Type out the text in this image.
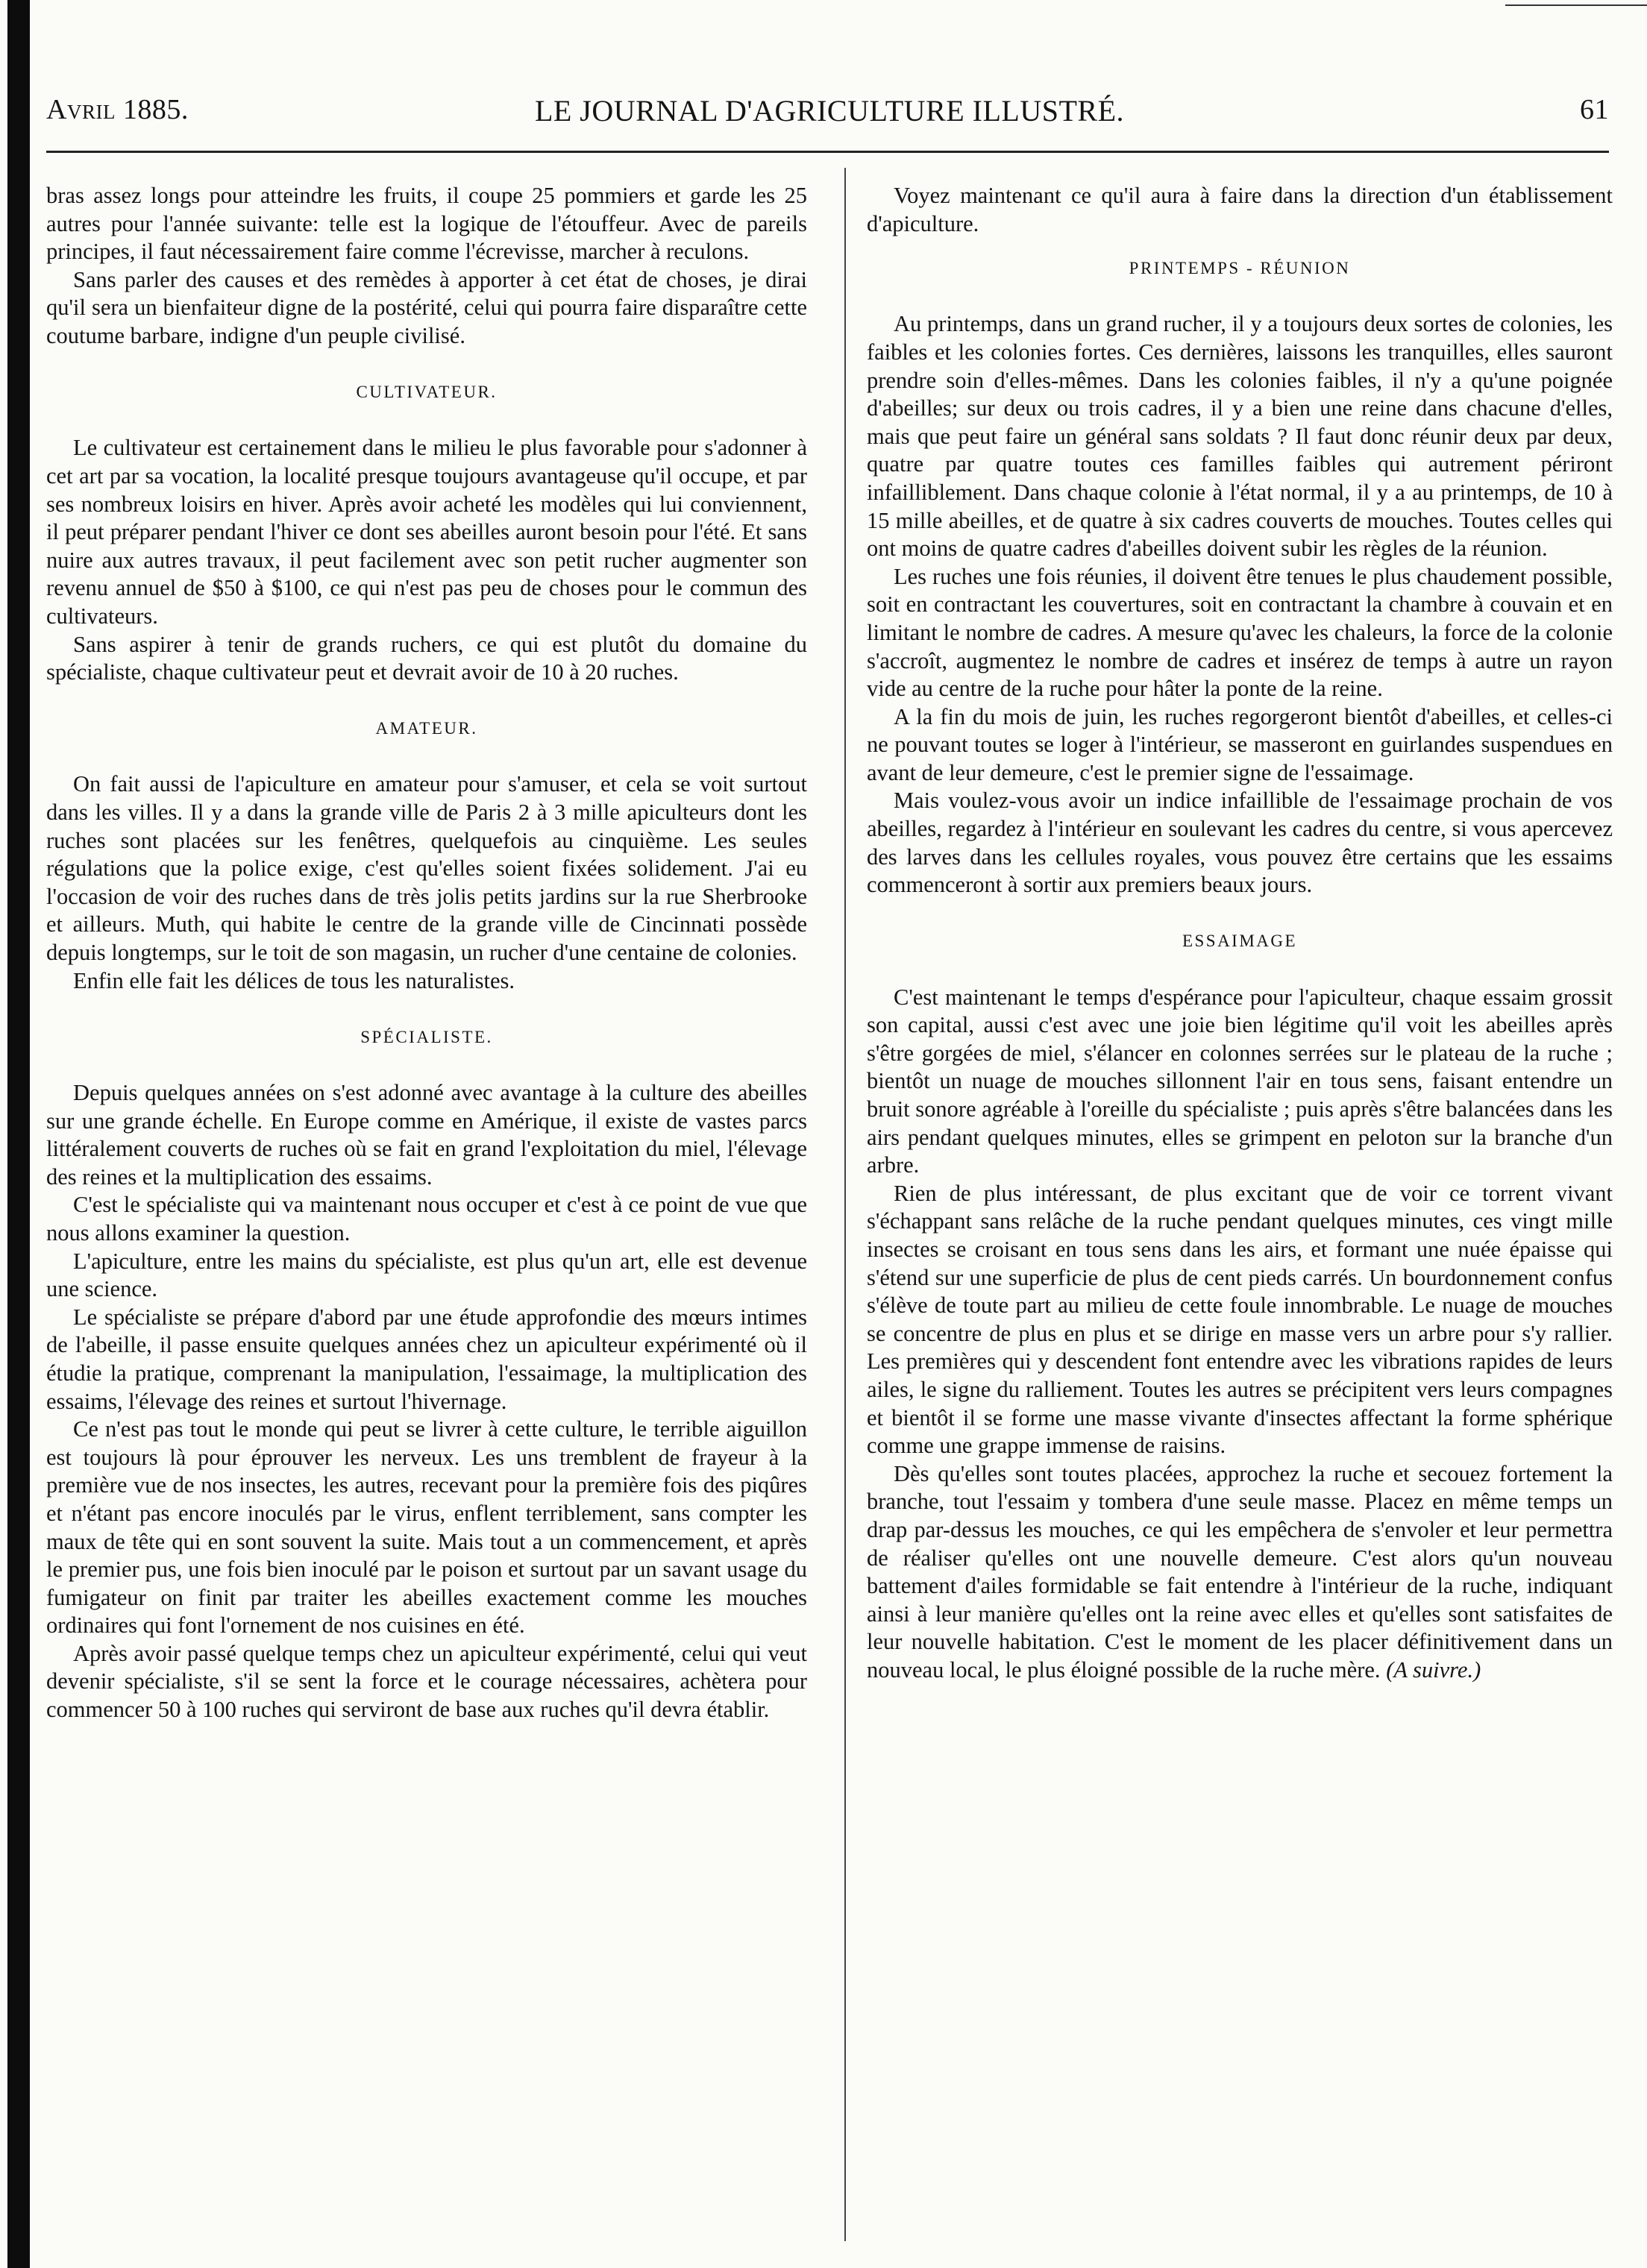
Avril 1885.	LE JOURNAL D'AGRICULTURE ILLUSTRÉ.	61

bras assez longs pour atteindre les fruits, il coupe 25 pommiers et garde les 25 autres pour l'année suivante: telle est la logique de l'étouffeur. Avec de pareils principes, il faut nécessairement faire comme l'écrevisse, marcher à reculons.

Sans parler des causes et des remèdes à apporter à cet état de choses, je dirai qu'il sera un bienfaiteur digne de la postérité, celui qui pourra faire disparaître cette coutume barbare, indigne d'un peuple civilisé.

CULTIVATEUR.

Le cultivateur est certainement dans le milieu le plus favorable pour s'adonner à cet art par sa vocation, la localité presque toujours avantageuse qu'il occupe, et par ses nombreux loisirs en hiver. Après avoir acheté les modèles qui lui conviennent, il peut préparer pendant l'hiver ce dont ses abeilles auront besoin pour l'été. Et sans nuire aux autres travaux, il peut facilement avec son petit rucher augmenter son revenu annuel de $50 à $100, ce qui n'est pas peu de choses pour le commun des cultivateurs.

Sans aspirer à tenir de grands ruchers, ce qui est plutôt du domaine du spécialiste, chaque cultivateur peut et devrait avoir de 10 à 20 ruches.

AMATEUR.

On fait aussi de l'apiculture en amateur pour s'amuser, et cela se voit surtout dans les villes. Il y a dans la grande ville de Paris 2 à 3 mille apiculteurs dont les ruches sont placées sur les fenêtres, quelquefois au cinquième. Les seules régulations que la police exige, c'est qu'elles soient fixées solidement. J'ai eu l'occasion de voir des ruches dans de très jolis petits jardins sur la rue Sherbrooke et ailleurs. Muth, qui habite le centre de la grande ville de Cincinnati possède depuis longtemps, sur le toit de son magasin, un rucher d'une centaine de colonies.

Enfin elle fait les délices de tous les naturalistes.

SPÉCIALISTE.

Depuis quelques années on s'est adonné avec avantage à la culture des abeilles sur une grande échelle. En Europe comme en Amérique, il existe de vastes parcs littéralement couverts de ruches où se fait en grand l'exploitation du miel, l'élevage des reines et la multiplication des essaims.

C'est le spécialiste qui va maintenant nous occuper et c'est à ce point de vue que nous allons examiner la question.

L'apiculture, entre les mains du spécialiste, est plus qu'un art, elle est devenue une science.

Le spécialiste se prépare d'abord par une étude approfondie des mœurs intimes de l'abeille, il passe ensuite quelques années chez un apiculteur expérimenté où il étudie la pratique, comprenant la manipulation, l'essaimage, la multiplication des essaims, l'élevage des reines et surtout l'hivernage.

Ce n'est pas tout le monde qui peut se livrer à cette culture, le terrible aiguillon est toujours là pour éprouver les nerveux. Les uns tremblent de frayeur à la première vue de nos insectes, les autres, recevant pour la première fois des piqûres et n'étant pas encore inoculés par le virus, enflent terriblement, sans compter les maux de tête qui en sont souvent la suite. Mais tout a un commencement, et après le premier pus, une fois bien inoculé par le poison et surtout par un savant usage du fumigateur on finit par traiter les abeilles exactement comme les mouches ordinaires qui font l'ornement de nos cuisines en été.

Après avoir passé quelque temps chez un apiculteur expérimenté, celui qui veut devenir spécialiste, s'il se sent la force et le courage nécessaires, achètera pour commencer 50 à 100 ruches qui serviront de base aux ruches qu'il devra établir.

Voyez maintenant ce qu'il aura à faire dans la direction d'un établissement d'apiculture.

PRINTEMPS - RÉUNION

Au printemps, dans un grand rucher, il y a toujours deux sortes de colonies, les faibles et les colonies fortes. Ces dernières, laissons les tranquilles, elles sauront prendre soin d'elles-mêmes. Dans les colonies faibles, il n'y a qu'une poignée d'abeilles; sur deux ou trois cadres, il y a bien une reine dans chacune d'elles, mais que peut faire un général sans soldats ? Il faut donc réunir deux par deux, quatre par quatre toutes ces familles faibles qui autrement périront infailliblement. Dans chaque colonie à l'état normal, il y a au printemps, de 10 à 15 mille abeilles, et de quatre à six cadres couverts de mouches. Toutes celles qui ont moins de quatre cadres d'abeilles doivent subir les règles de la réunion.

Les ruches une fois réunies, il doivent être tenues le plus chaudement possible, soit en contractant les couvertures, soit en contractant la chambre à couvain et en limitant le nombre de cadres. A mesure qu'avec les chaleurs, la force de la colonie s'accroît, augmentez le nombre de cadres et insérez de temps à autre un rayon vide au centre de la ruche pour hâter la ponte de la reine.

A la fin du mois de juin, les ruches regorgeront bientôt d'abeilles, et celles-ci ne pouvant toutes se loger à l'intérieur, se masseront en guirlandes suspendues en avant de leur demeure, c'est le premier signe de l'essaimage.

Mais voulez-vous avoir un indice infaillible de l'essaimage prochain de vos abeilles, regardez à l'intérieur en soulevant les cadres du centre, si vous apercevez des larves dans les cellules royales, vous pouvez être certains que les essaims commenceront à sortir aux premiers beaux jours.

ESSAIMAGE

C'est maintenant le temps d'espérance pour l'apiculteur, chaque essaim grossit son capital, aussi c'est avec une joie bien légitime qu'il voit les abeilles après s'être gorgées de miel, s'élancer en colonnes serrées sur le plateau de la ruche ; bientôt un nuage de mouches sillonnent l'air en tous sens, faisant entendre un bruit sonore agréable à l'oreille du spécialiste ; puis après s'être balancées dans les airs pendant quelques minutes, elles se grimpent en peloton sur la branche d'un arbre.

Rien de plus intéressant, de plus excitant que de voir ce torrent vivant s'échappant sans relâche de la ruche pendant quelques minutes, ces vingt mille insectes se croisant en tous sens dans les airs, et formant une nuée épaisse qui s'étend sur une superficie de plus de cent pieds carrés. Un bourdonnement confus s'élève de toute part au milieu de cette foule innombrable. Le nuage de mouches se concentre de plus en plus et se dirige en masse vers un arbre pour s'y rallier. Les premières qui y descendent font entendre avec les vibrations rapides de leurs ailes, le signe du ralliement. Toutes les autres se précipitent vers leurs compagnes et bientôt il se forme une masse vivante d'insectes affectant la forme sphérique comme une grappe immense de raisins.

Dès qu'elles sont toutes placées, approchez la ruche et secouez fortement la branche, tout l'essaim y tombera d'une seule masse. Placez en même temps un drap par-dessus les mouches, ce qui les empêchera de s'envoler et leur permettra de réaliser qu'elles ont une nouvelle demeure. C'est alors qu'un nouveau battement d'ailes formidable se fait entendre à l'intérieur de la ruche, indiquant ainsi à leur manière qu'elles ont la reine avec elles et qu'elles sont satisfaites de leur nouvelle habitation. C'est le moment de les placer définitivement dans un nouveau local, le plus éloigné possible de la ruche mère. (A suivre.)
